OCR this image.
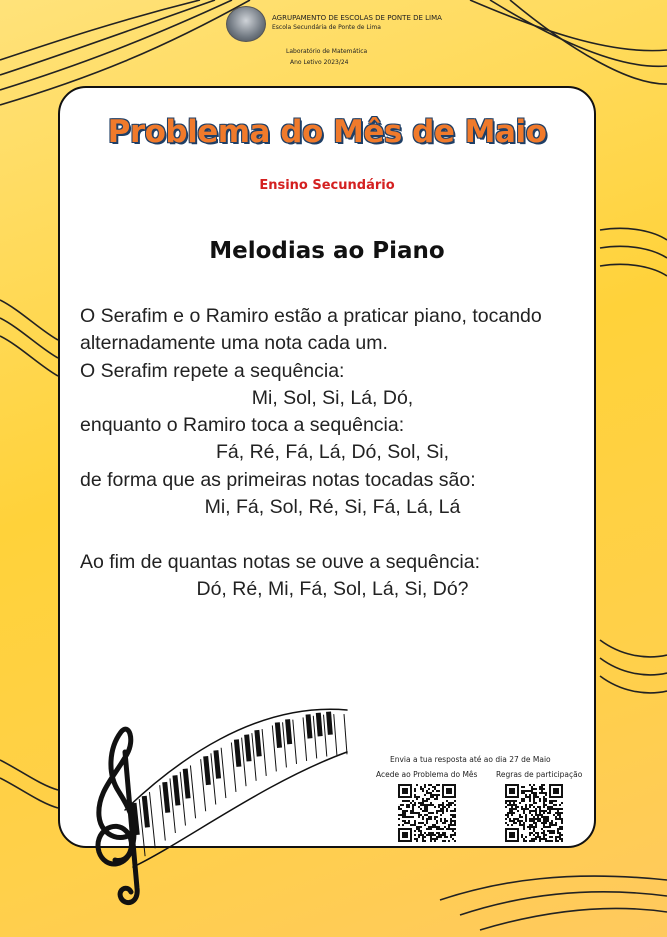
AGRUPAMENTO DE ESCOLAS DE PONTE DE LIMA
Escola Secundária de Ponte de Lima
Laboratório de Matemática
Ano Letivo 2023/24
Problema do Mês de Maio
Ensino Secundário
Melodias ao Piano
O Serafim e o Ramiro estão a praticar piano, tocando
alternadamente uma nota cada um.
O Serafim repete a sequência:
Mi, Sol, Si, Lá, Dó,
enquanto o Ramiro toca a sequência:
Fá, Ré, Fá, Lá, Dó, Sol, Si,
de forma que as primeiras notas tocadas são:
Mi, Fá, Sol, Ré, Si, Fá, Lá, Lá
Ao fim de quantas notas se ouve a sequência:
Dó, Ré, Mi, Fá, Sol, Lá, Si, Dó?
Envia a tua resposta até ao dia 27 de Maio
Acede ao Problema do Mês Regras de participação
